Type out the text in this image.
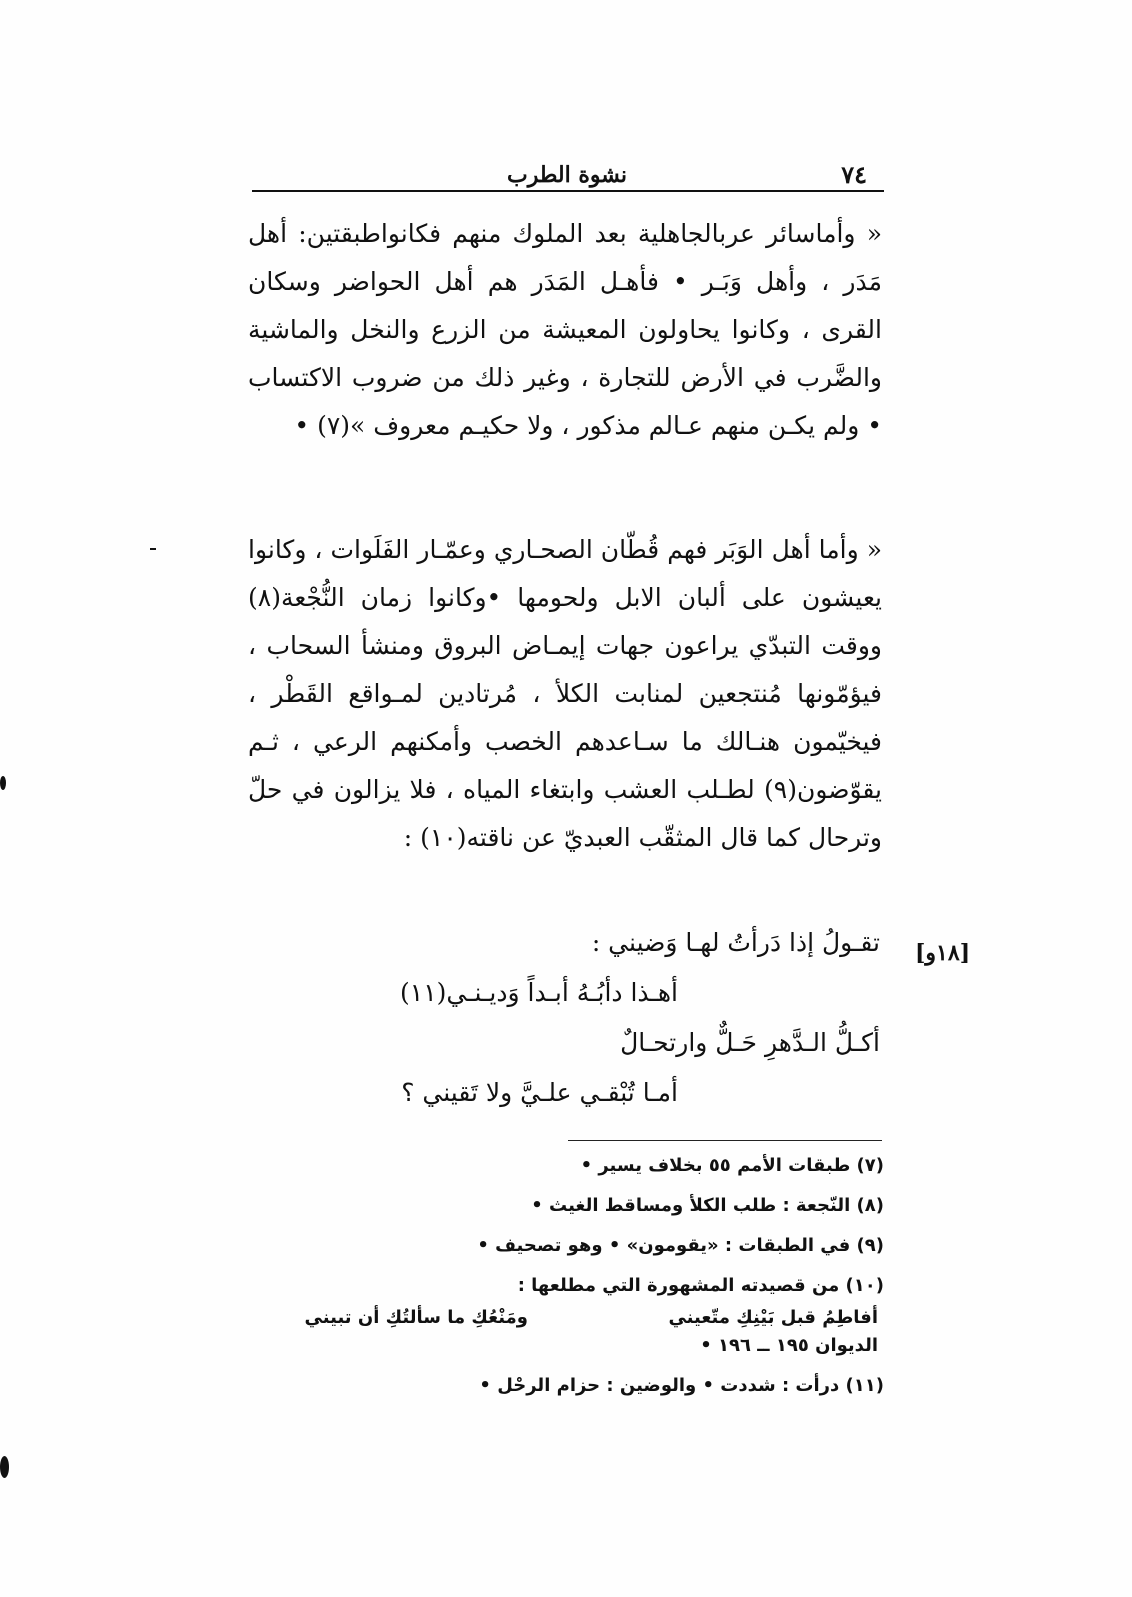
٧٤
نشوة الطرب

« وأماسائر عربالجاهلية بعد الملوك منهم فكانواطبقتين: أهل مَدَر ، وأهل وَبَـر • فأهـل المَدَر هم أهل الحواضر وسكان القرى ، وكانوا يحاولون المعيشة من الزرع والنخل والماشية والضَّرب في الأرض للتجارة ، وغير ذلك من ضروب الاكتساب • ولم يكـن منهم عـالم مذكور ، ولا حكيـم معروف »(٧) •

« وأما أهل الوَبَر فهم قُطّان الصحـاري وعمّـار الفَلَوات ، وكانوا يعيشون على ألبان الابل ولحومها •وكانوا زمان النُّجْعة(٨) ووقت التبدّي يراعون جهات إيمـاض البروق ومنشأ السحاب ، فيؤمّونها مُنتجعين لمنابت الكلأ ، مُرتادين لمـواقع القَطْر ، فيخيّمون هنـالك ما سـاعدهم الخصب وأمكنهم الرعي ، ثـم يقوّضون(٩) لطـلب العشب وابتغاء المياه ، فلا يزالون في حلّ وترحال كما قال المثقّب العبديّ عن ناقته(١٠) :

[١٨و]
تقـولُ إذا دَرأتُ لهـا وَضيني :
أهـذا دأبُـهُ أبـداً وَديـنـي(١١)
أكـلُّ الـدَّهرِ حَـلٌّ وارتحـالٌ
أمـا تُبْقـي علـيَّ ولا تَقيني ؟

(٧) طبقات الأمم ٥٥ بخلاف يسير •

(٨) النّجعة : طلب الكلأ ومساقط الغيث •

(٩) في الطبقات : «يقومون» • وهو تصحيف •

(١٠) من قصيدته المشهورة التي مطلعها :

أفاطِمُ قبل بَيْنِكِ متّعينيومَنْعُكِ ما سألتُكِ أن تبيني

الديوان ١٩٥ ــ ١٩٦ •

(١١) درأت : شددت • والوضين : حزام الرحْل •
